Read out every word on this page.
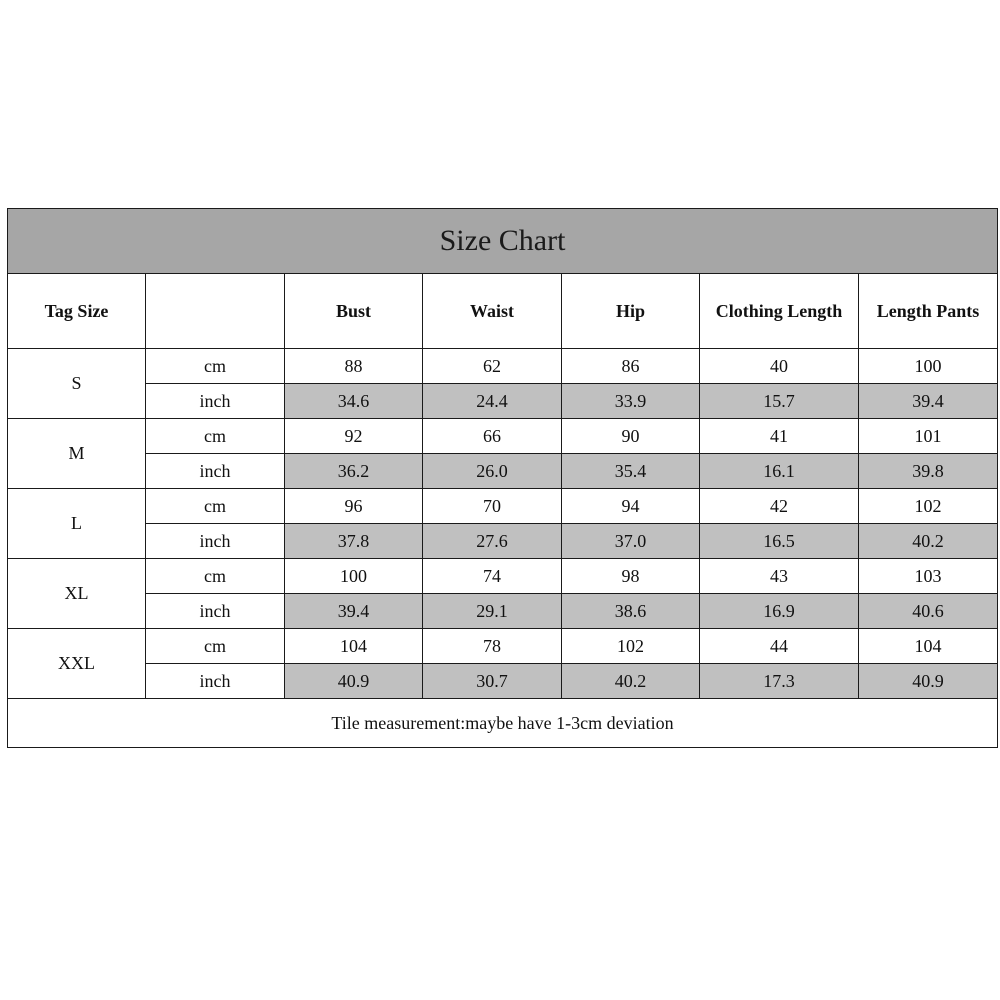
Size Chart						
Tag Size		Bust	Waist	Hip	Clothing Length	Length Pants
S	cm	88	62	86	40	100
	inch	34.6	24.4	33.9	15.7	39.4
M	cm	92	66	90	41	101
	inch	36.2	26.0	35.4	16.1	39.8
L	cm	96	70	94	42	102
	inch	37.8	27.6	37.0	16.5	40.2
XL	cm	100	74	98	43	103
	inch	39.4	29.1	38.6	16.9	40.6
XXL	cm	104	78	102	44	104
	inch	40.9	30.7	40.2	17.3	40.9
Tile measurement:maybe have 1-3cm deviation						
